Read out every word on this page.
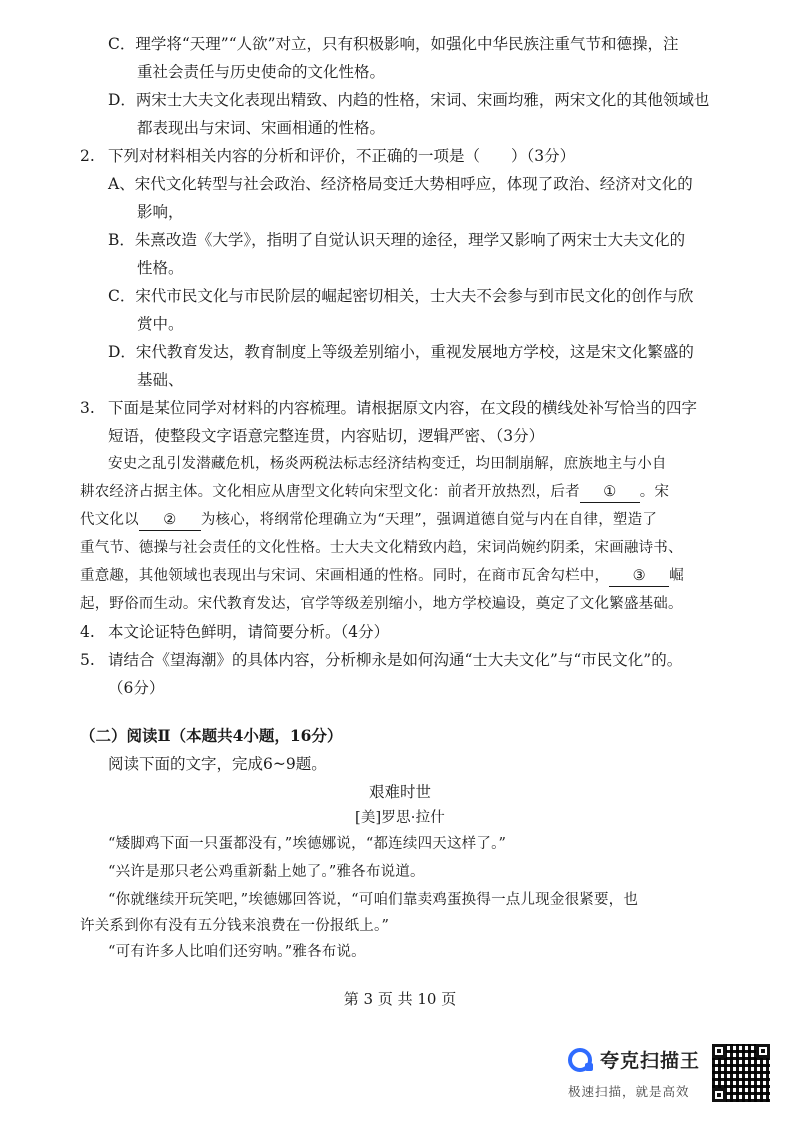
C．理学将“天理”“人欲”对立，只有积极影响，如强化中华民族注重气节和德操，注
重社会责任与历史使命的文化性格。
D．两宋士大夫文化表现出精致、内趋的性格，宋词、宋画均雅，两宋文化的其他领域也
都表现出与宋词、宋画相通的性格。
2. 下列对材料相关内容的分析和评价，不正确的一项是（　　）（3分）
A、宋代文化转型与社会政治、经济格局变迁大势相呼应，体现了政治、经济对文化的
影响，
B．朱熹改造《大学》，指明了自觉认识天理的途径，理学又影响了两宋士大夫文化的
性格。
C．宋代市民文化与市民阶层的崛起密切相关，士大夫不会参与到市民文化的创作与欣
赏中。
D．宋代教育发达，教育制度上等级差别缩小，重视发展地方学校，这是宋文化繁盛的
基础、
3. 下面是某位同学对材料的内容梳理。请根据原文内容，在文段的横线处补写恰当的四字
短语，使整段文字语意完整连贯，内容贴切，逻辑严密、（3分）
安史之乱引发潜藏危机，杨炎两税法标志经济结构变迁，均田制崩解，庶族地主与小自
耕农经济占据主体。文化相应从唐型文化转向宋型文化：前者开放热烈，后者 ① 。宋
代文化以 ② 为核心，将纲常伦理确立为“天理”，强调道德自觉与内在自律，塑造了
重气节、德操与社会责任的文化性格。士大夫文化精致内趋，宋词尚婉约阴柔，宋画融诗书、
重意趣，其他领域也表现出与宋词、宋画相通的性格。同时，在商市瓦舍勾栏中， ③ 崛
起，野俗而生动。宋代教育发达，官学等级差别缩小，地方学校遍设，奠定了文化繁盛基础。
4. 本文论证特色鲜明，请简要分析。（4分）
5. 请结合《望海潮》的具体内容，分析柳永是如何沟通“士大夫文化”与“市民文化”的。
（6分）
（二）阅读Ⅱ（本题共4小题，16分）
阅读下面的文字，完成6~9题。
艰难时世
[美]罗思·拉什
“矮脚鸡下面一只蛋都没有，”埃德娜说，“都连续四天这样了。”
“兴许是那只老公鸡重新黏上她了。”雅各布说道。
“你就继续开玩笑吧，”埃德娜回答说，“可咱们靠卖鸡蛋换得一点儿现金很紧要，也
许关系到你有没有五分钱来浪费在一份报纸上。”
“可有许多人比咱们还穷呐。”雅各布说。
第 3 页 共 10 页
夸克扫描王
极速扫描，就是高效
